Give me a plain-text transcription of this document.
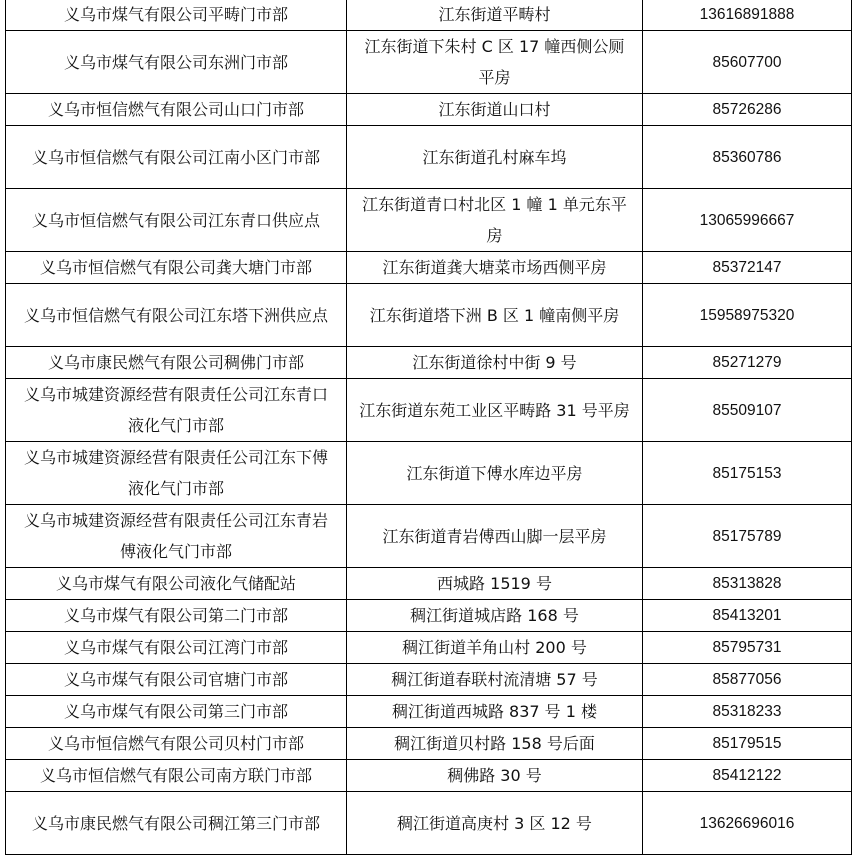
义乌市煤气有限公司平畴门市部	江东街道平畴村	13616891888
义乌市煤气有限公司东洲门市部	江东街道下朱村 C 区 17 幢西侧公厕平房	85607700
义乌市恒信燃气有限公司山口门市部	江东街道山口村	85726286
义乌市恒信燃气有限公司江南小区门市部	江东街道孔村麻车坞	85360786
义乌市恒信燃气有限公司江东青口供应点	江东街道青口村北区 1 幢 1 单元东平房	13065996667
义乌市恒信燃气有限公司龚大塘门市部	江东街道龚大塘菜市场西侧平房	85372147
义乌市恒信燃气有限公司江东塔下洲供应点	江东街道塔下洲 B 区 1 幢南侧平房	15958975320
义乌市康民燃气有限公司稠佛门市部	江东街道徐村中街 9 号	85271279
义乌市城建资源经营有限责任公司江东青口液化气门市部	江东街道东苑工业区平畴路 31 号平房	85509107
义乌市城建资源经营有限责任公司江东下傅液化气门市部	江东街道下傅水库边平房	85175153
义乌市城建资源经营有限责任公司江东青岩傅液化气门市部	江东街道青岩傅西山脚一层平房	85175789
义乌市煤气有限公司液化气储配站	西城路 1519 号	85313828
义乌市煤气有限公司第二门市部	稠江街道城店路 168 号	85413201
义乌市煤气有限公司江湾门市部	稠江街道羊角山村 200 号	85795731
义乌市煤气有限公司官塘门市部	稠江街道春联村流清塘 57 号	85877056
义乌市煤气有限公司第三门市部	稠江街道西城路 837 号 1 楼	85318233
义乌市恒信燃气有限公司贝村门市部	稠江街道贝村路 158 号后面	85179515
义乌市恒信燃气有限公司南方联门市部	稠佛路 30 号	85412122
义乌市康民燃气有限公司稠江第三门市部	稠江街道高庚村 3 区 12 号	13626696016
